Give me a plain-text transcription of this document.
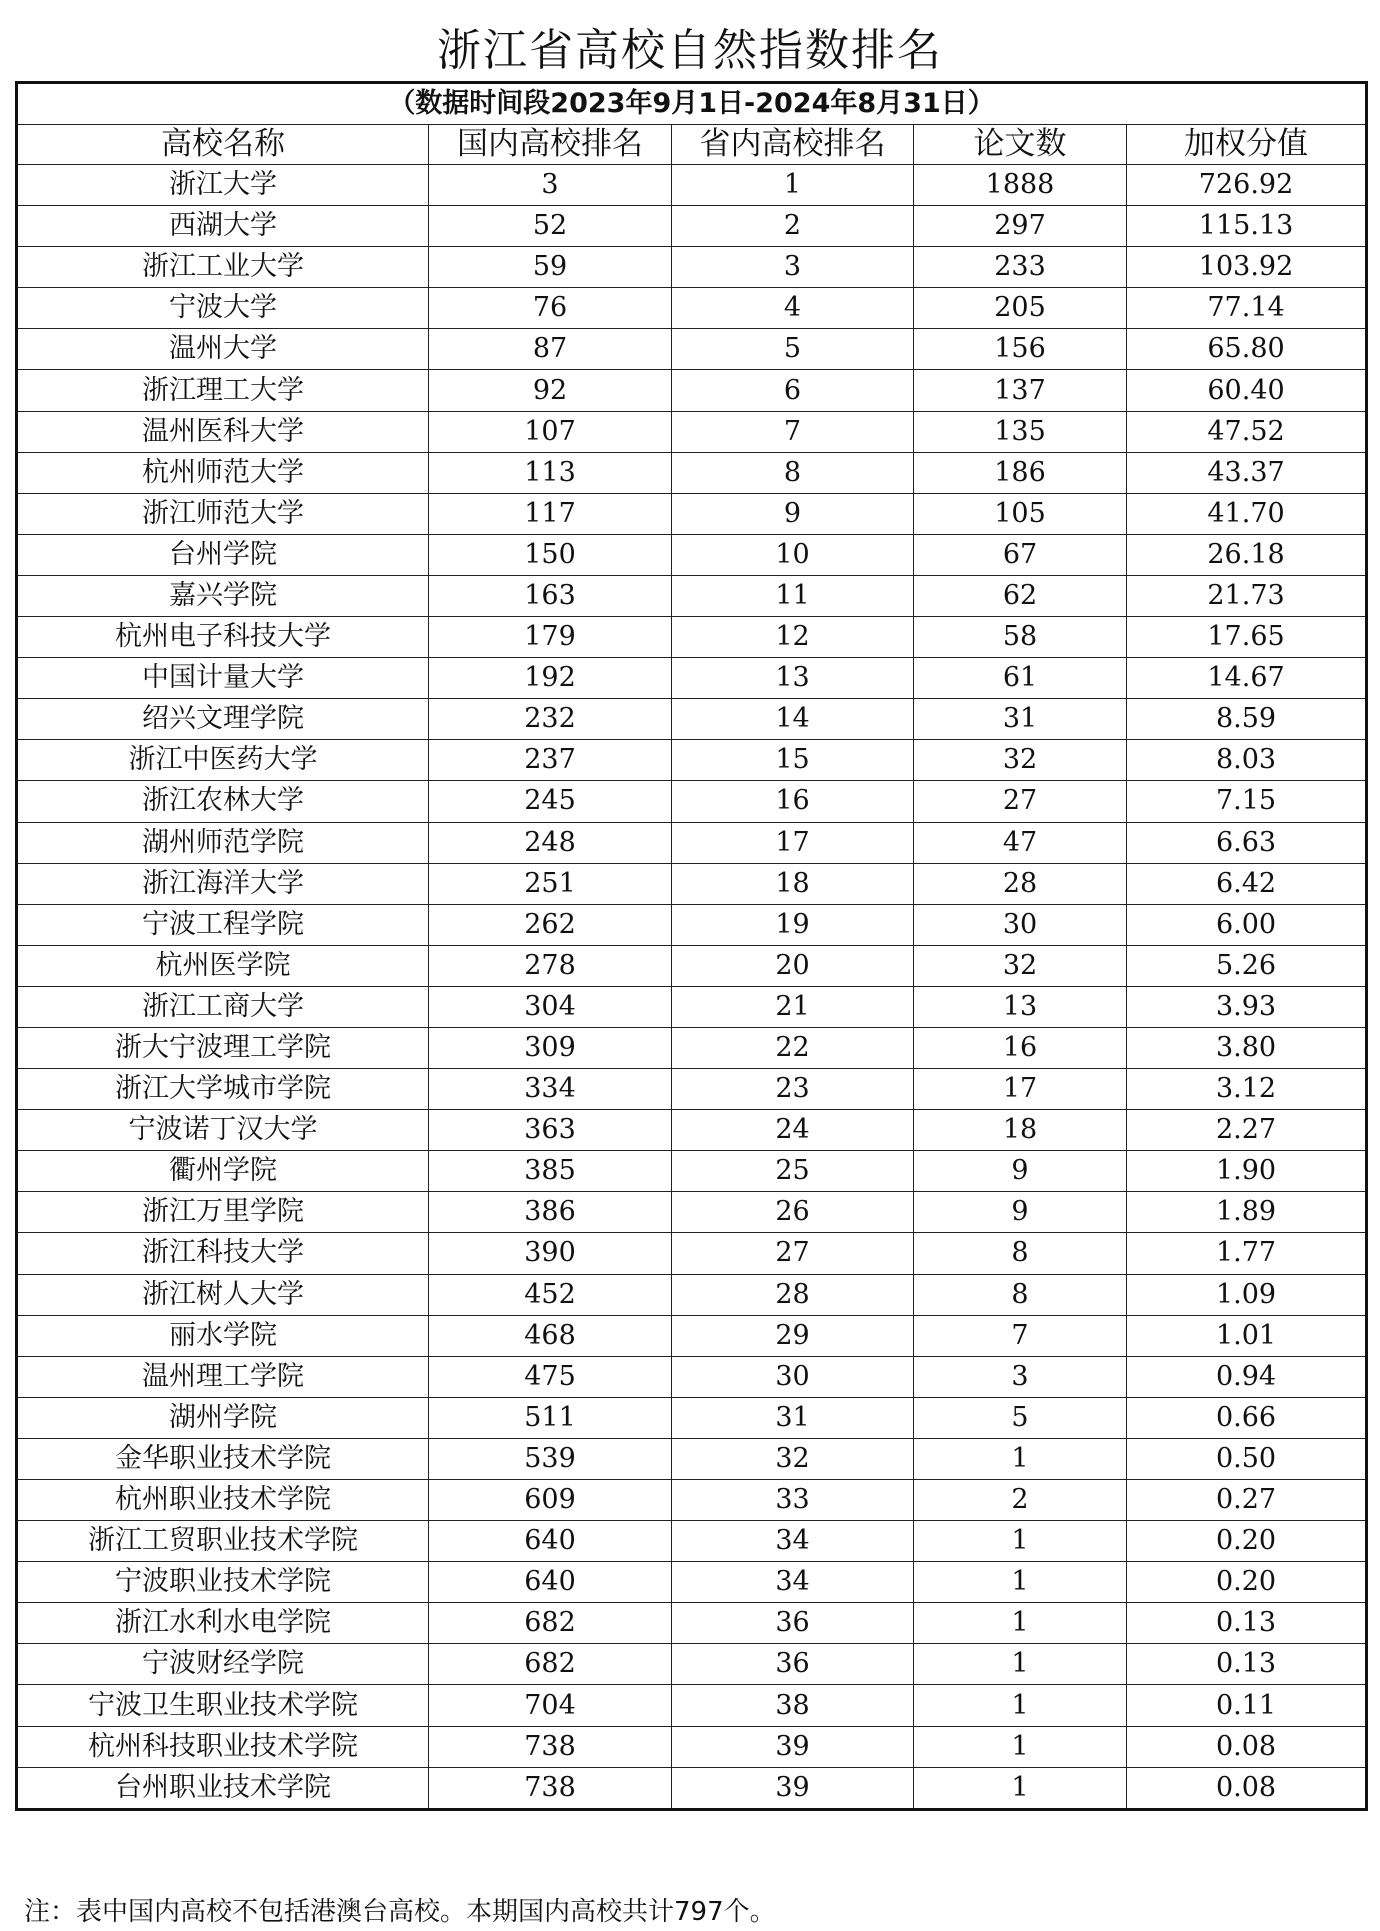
浙江省高校自然指数排名
（数据时间段2023年9月1日-2024年8月31日）				
高校名称	国内高校排名	省内高校排名	论文数	加权分值
浙江大学	3	1	1888	726.92
西湖大学	52	2	297	115.13
浙江工业大学	59	3	233	103.92
宁波大学	76	4	205	77.14
温州大学	87	5	156	65.80
浙江理工大学	92	6	137	60.40
温州医科大学	107	7	135	47.52
杭州师范大学	113	8	186	43.37
浙江师范大学	117	9	105	41.70
台州学院	150	10	67	26.18
嘉兴学院	163	11	62	21.73
杭州电子科技大学	179	12	58	17.65
中国计量大学	192	13	61	14.67
绍兴文理学院	232	14	31	8.59
浙江中医药大学	237	15	32	8.03
浙江农林大学	245	16	27	7.15
湖州师范学院	248	17	47	6.63
浙江海洋大学	251	18	28	6.42
宁波工程学院	262	19	30	6.00
杭州医学院	278	20	32	5.26
浙江工商大学	304	21	13	3.93
浙大宁波理工学院	309	22	16	3.80
浙江大学城市学院	334	23	17	3.12
宁波诺丁汉大学	363	24	18	2.27
衢州学院	385	25	9	1.90
浙江万里学院	386	26	9	1.89
浙江科技大学	390	27	8	1.77
浙江树人大学	452	28	8	1.09
丽水学院	468	29	7	1.01
温州理工学院	475	30	3	0.94
湖州学院	511	31	5	0.66
金华职业技术学院	539	32	1	0.50
杭州职业技术学院	609	33	2	0.27
浙江工贸职业技术学院	640	34	1	0.20
宁波职业技术学院	640	34	1	0.20
浙江水利水电学院	682	36	1	0.13
宁波财经学院	682	36	1	0.13
宁波卫生职业技术学院	704	38	1	0.11
杭州科技职业技术学院	738	39	1	0.08
台州职业技术学院	738	39	1	0.08
注：表中国内高校不包括港澳台高校。本期国内高校共计797个。
